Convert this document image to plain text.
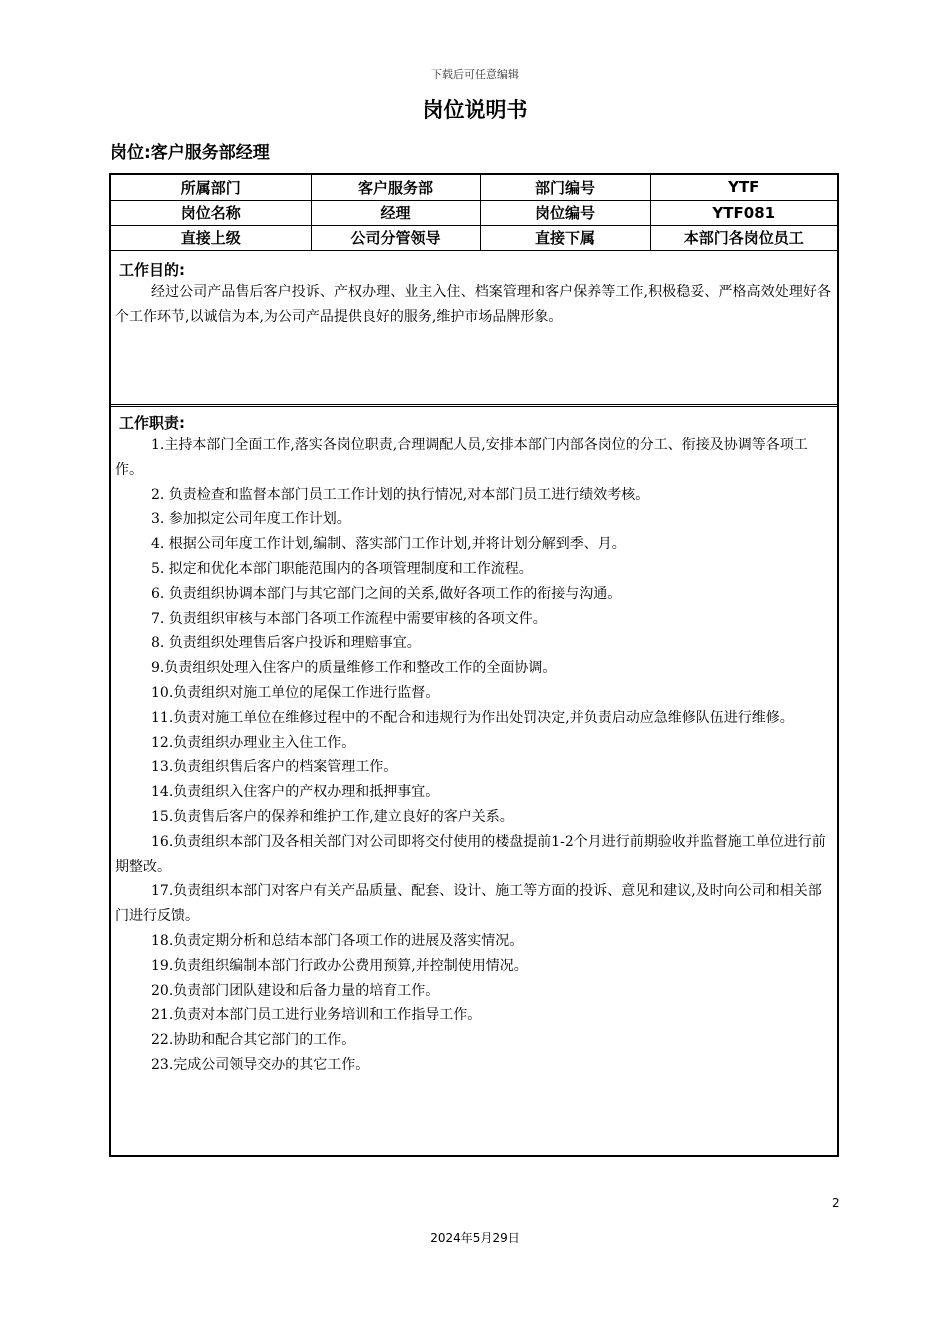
下载后可任意编辑
岗位说明书
岗位:客户服务部经理
所属部门	客户服务部	部门编号	YTF
岗位名称	经理	岗位编号	YTF081
直接上级	公司分管领导	直接下属	本部门各岗位员工
工作目的:
经过公司产品售后客户投诉、产权办理、业主入住、档案管理和客户保养等工作,积极稳妥、严格高效处理好各个工作环节,以诚信为本,为公司产品提供良好的服务,维护市场品牌形象。
工作职责:
1.主持本部门全面工作,落实各岗位职责,合理调配人员,安排本部门内部各岗位的分工、衔接及协调等各项工作。
2. 负责检查和监督本部门员工工作计划的执行情况,对本部门员工进行绩效考核。
3. 参加拟定公司年度工作计划。
4. 根据公司年度工作计划,编制、落实部门工作计划,并将计划分解到季、月。
5. 拟定和优化本部门职能范围内的各项管理制度和工作流程。
6. 负责组织协调本部门与其它部门之间的关系,做好各项工作的衔接与沟通。
7. 负责组织审核与本部门各项工作流程中需要审核的各项文件。
8. 负责组织处理售后客户投诉和理赔事宜。
9.负责组织处理入住客户的质量维修工作和整改工作的全面协调。
10.负责组织对施工单位的尾保工作进行监督。
11.负责对施工单位在维修过程中的不配合和违规行为作出处罚决定,并负责启动应急维修队伍进行维修。
12.负责组织办理业主入住工作。
13.负责组织售后客户的档案管理工作。
14.负责组织入住客户的产权办理和抵押事宜。
15.负责售后客户的保养和维护工作,建立良好的客户关系。
16.负责组织本部门及各相关部门对公司即将交付使用的楼盘提前1-2个月进行前期验收并监督施工单位进行前期整改。
17.负责组织本部门对客户有关产品质量、配套、设计、施工等方面的投诉、意见和建议,及时向公司和相关部门进行反馈。
18.负责定期分析和总结本部门各项工作的进展及落实情况。
19.负责组织编制本部门行政办公费用预算,并控制使用情况。
20.负责部门团队建设和后备力量的培育工作。
21.负责对本部门员工进行业务培训和工作指导工作。
22.协助和配合其它部门的工作。
23.完成公司领导交办的其它工作。
2
2024年5月29日
